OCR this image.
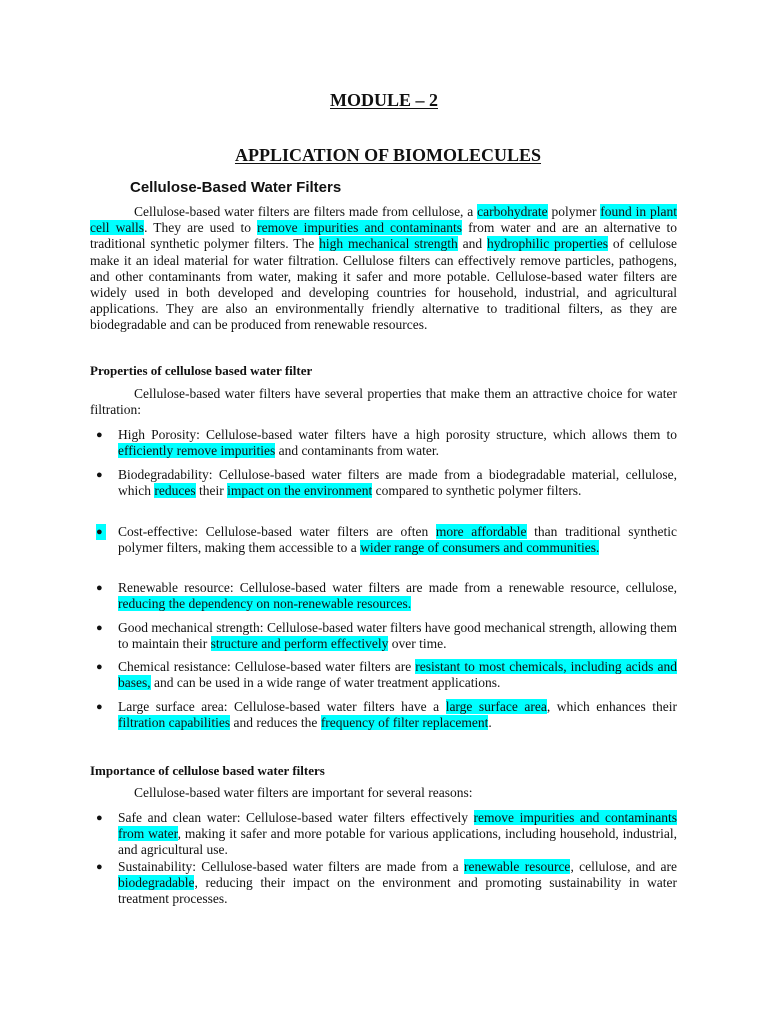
MODULE – 2
APPLICATION OF BIOMOLECULES
Cellulose-Based Water Filters

Cellulose-based water filters are filters made from cellulose, a carbohydrate polymer found in plant cell walls. They are used to remove impurities and contaminants from water and are an alternative to traditional synthetic polymer filters. The high mechanical strength and hydrophilic properties of cellulose make it an ideal material for water filtration. Cellulose filters can effectively remove particles, pathogens, and other contaminants from water, making it safer and more potable. Cellulose-based water filters are widely used in both developed and developing countries for household, industrial, and agricultural applications. They are also an environmentally friendly alternative to traditional filters, as they are biodegradable and can be produced from renewable resources.

Properties of cellulose based water filter

Cellulose-based water filters have several properties that make them an attractive choice for water filtration:

● High Porosity: Cellulose-based water filters have a high porosity structure, which allows them to efficiently remove impurities and contaminants from water.
● Biodegradability: Cellulose-based water filters are made from a biodegradable material, cellulose, which reduces their impact on the environment compared to synthetic polymer filters.
● Cost-effective: Cellulose-based water filters are often more affordable than traditional synthetic polymer filters, making them accessible to a wider range of consumers and communities.
● Renewable resource: Cellulose-based water filters are made from a renewable resource, cellulose, reducing the dependency on non-renewable resources.
● Good mechanical strength: Cellulose-based water filters have good mechanical strength, allowing them to maintain their structure and perform effectively over time.
● Chemical resistance: Cellulose-based water filters are resistant to most chemicals, including acids and bases, and can be used in a wide range of water treatment applications.
● Large surface area: Cellulose-based water filters have a large surface area, which enhances their filtration capabilities and reduces the frequency of filter replacement.
Importance of cellulose based water filters

Cellulose-based water filters are important for several reasons:

● Safe and clean water: Cellulose-based water filters effectively remove impurities and contaminants from water, making it safer and more potable for various applications, including household, industrial, and agricultural use.
● Sustainability: Cellulose-based water filters are made from a renewable resource, cellulose, and are biodegradable, reducing their impact on the environment and promoting sustainability in water treatment processes.
